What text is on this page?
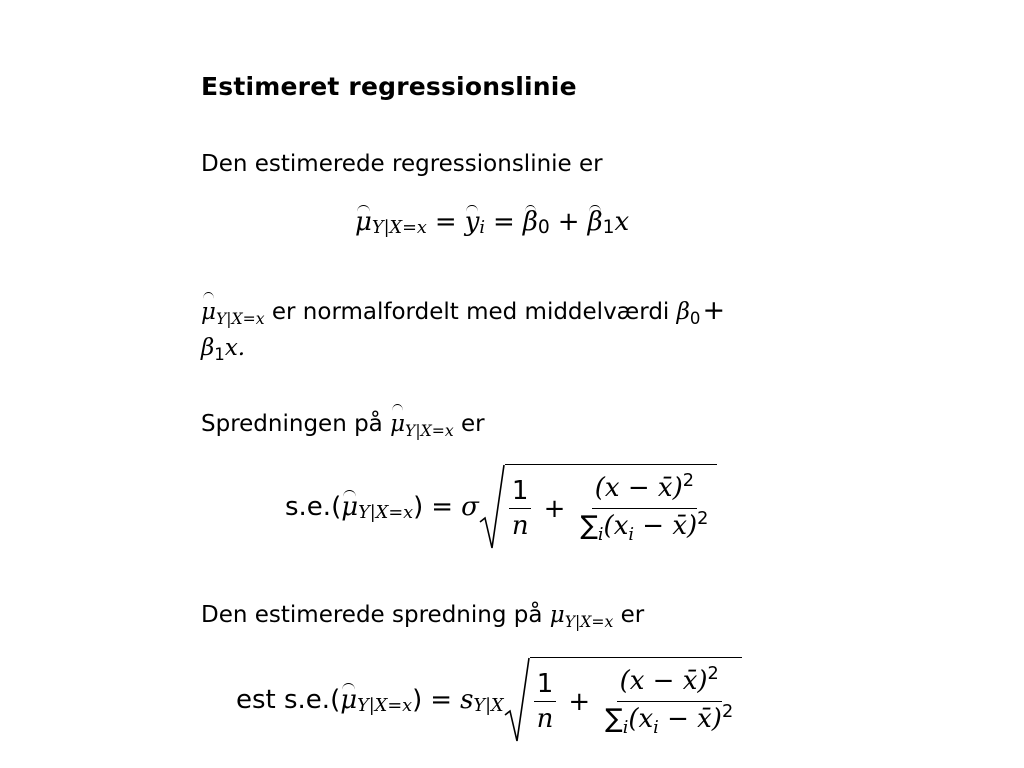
Estimeret regressionslinie
Den estimerede regressionslinie er
μ Y|X=x = y i = β 0 + β 1 x
$\mu_{Y|X=x}$ er normalfordelt med middelværdi $\beta_0+$
$\beta_1x$.
Spredningen på $\mu_{Y|X=x}$ er
s.e.( μ Y|X=x ) = σ $\frac{1}{n} + \frac{(x - x̄)^2}{\sum_i(x_i - x̄)^2}$
Den estimerede spredning på $\mu_{Y|X=x}$ er
est s.e.( μ Y|X=x ) = s $Y|X \frac{1}{n} + \frac{(x - x̄)^2}{\sum_i(x_i - x̄)^2}$
